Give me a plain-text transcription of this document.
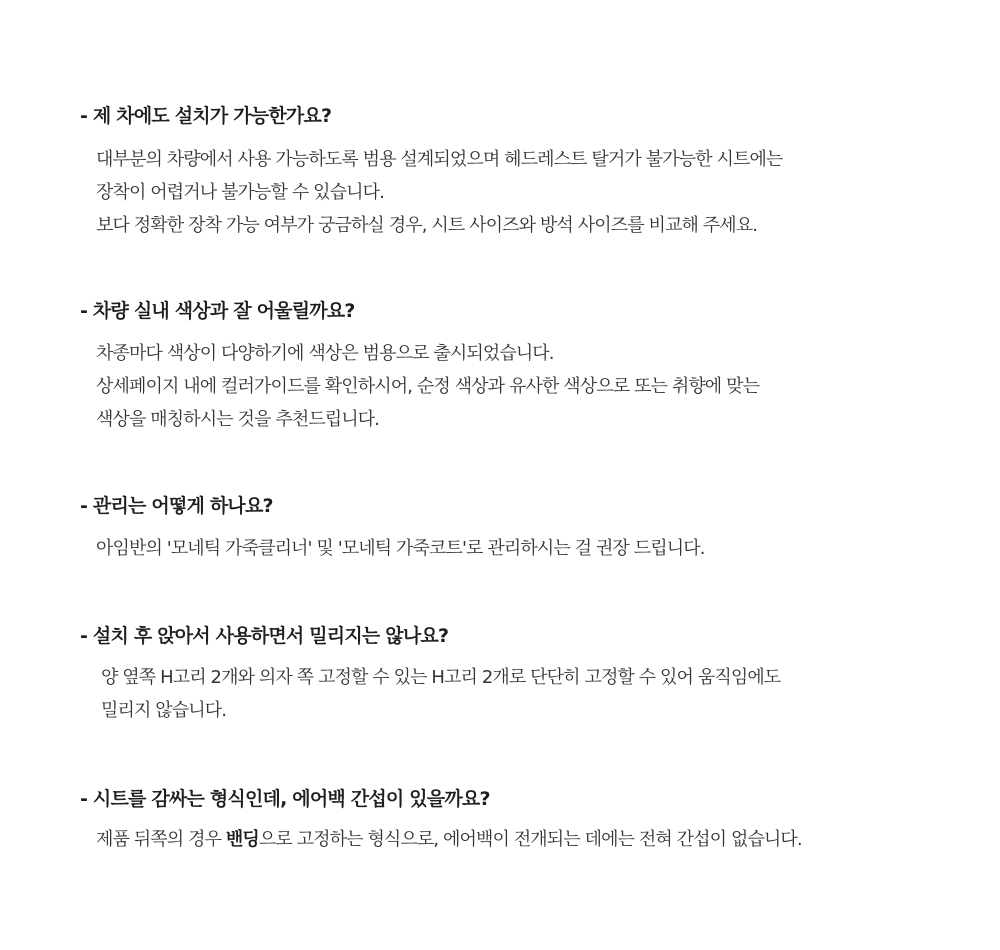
- 제 차에도 설치가 가능한가요?

대부분의 차량에서 사용 가능하도록 범용 설계되었으며 헤드레스트 탈거가 불가능한 시트에는
장착이 어렵거나 불가능할 수 있습니다.
보다 정확한 장착 가능 여부가 궁금하실 경우, 시트 사이즈와 방석 사이즈를 비교해 주세요.

- 차량 실내 색상과 잘 어울릴까요?

차종마다 색상이 다양하기에 색상은 범용으로 출시되었습니다.
상세페이지 내에 컬러가이드를 확인하시어, 순정 색상과 유사한 색상으로 또는 취향에 맞는
색상을 매칭하시는 것을 추천드립니다.

- 관리는 어떻게 하나요?

아임반의 '모네틱 가죽클리너' 및 '모네틱 가죽코트'로 관리하시는 걸 권장 드립니다.

- 설치 후 앉아서 사용하면서 밀리지는 않나요?

양 옆쪽 H고리 2개와 의자 쪽 고정할 수 있는 H고리 2개로 단단히 고정할 수 있어 움직임에도
밀리지 않습니다.

- 시트를 감싸는 형식인데, 에어백 간섭이 있을까요?

제품 뒤쪽의 경우 밴딩으로 고정하는 형식으로, 에어백이 전개되는 데에는 전혀 간섭이 없습니다.
